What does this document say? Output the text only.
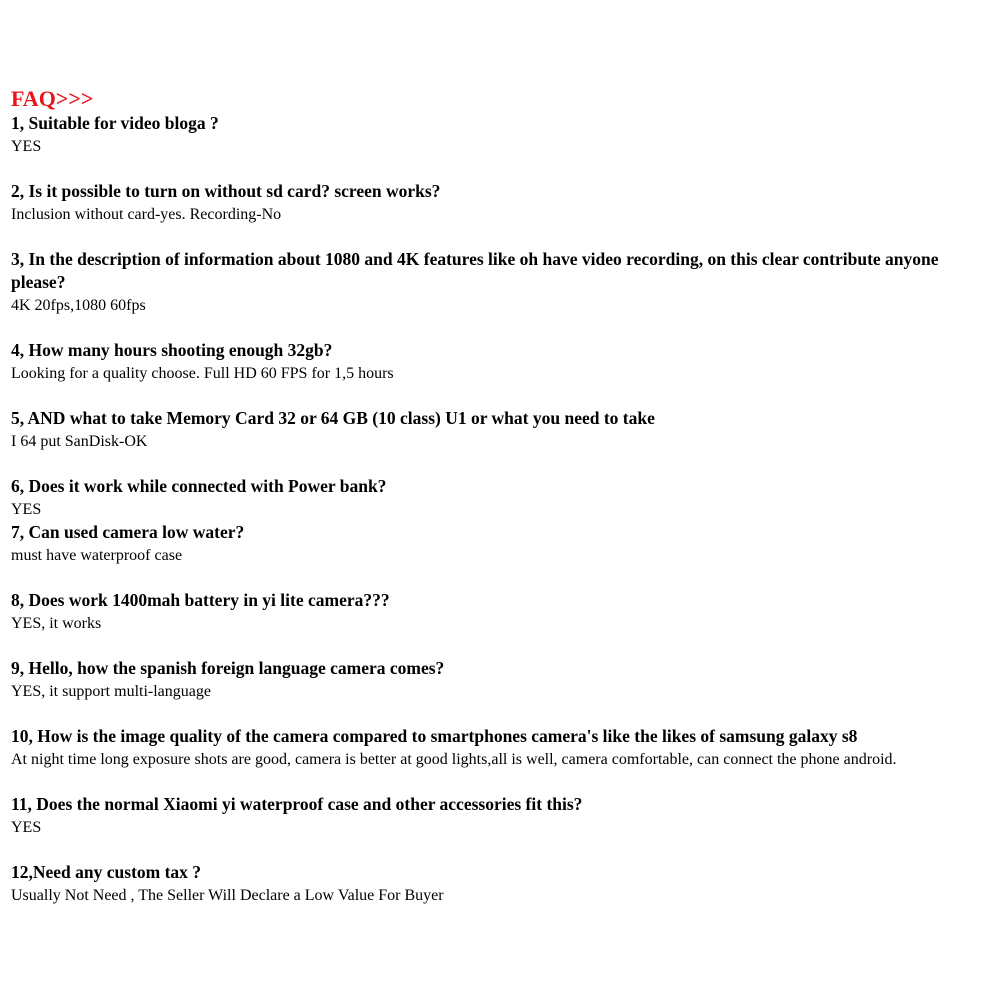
FAQ>>>
1, Suitable for video bloga ?
YES
2, Is it possible to turn on without sd card? screen works?
Inclusion without card-yes. Recording-No
3, In the description of information about 1080 and 4K features like oh have video recording, on this clear contribute anyone please?
4K 20fps,1080 60fps
4, How many hours shooting enough 32gb?
Looking for a quality choose. Full HD 60 FPS for 1,5 hours
5, AND what to take Memory Card 32 or 64 GB (10 class) U1 or what you need to take
I 64 put SanDisk-OK
6, Does it work while connected with Power bank?
YES
7, Can used camera low water?
must have waterproof case
8, Does work 1400mah battery in yi lite camera???
YES, it works
9, Hello, how the spanish foreign language camera comes?
YES, it support multi-language
10, How is the image quality of the camera compared to smartphones camera's like the likes of samsung galaxy s8
At night time long exposure shots are good, camera is better at good lights,all is well, camera comfortable, can connect the phone android.
11, Does the normal Xiaomi yi waterproof case and other accessories fit this?
YES
12,Need any custom tax ?
Usually Not Need , The Seller Will Declare a Low Value For Buyer
